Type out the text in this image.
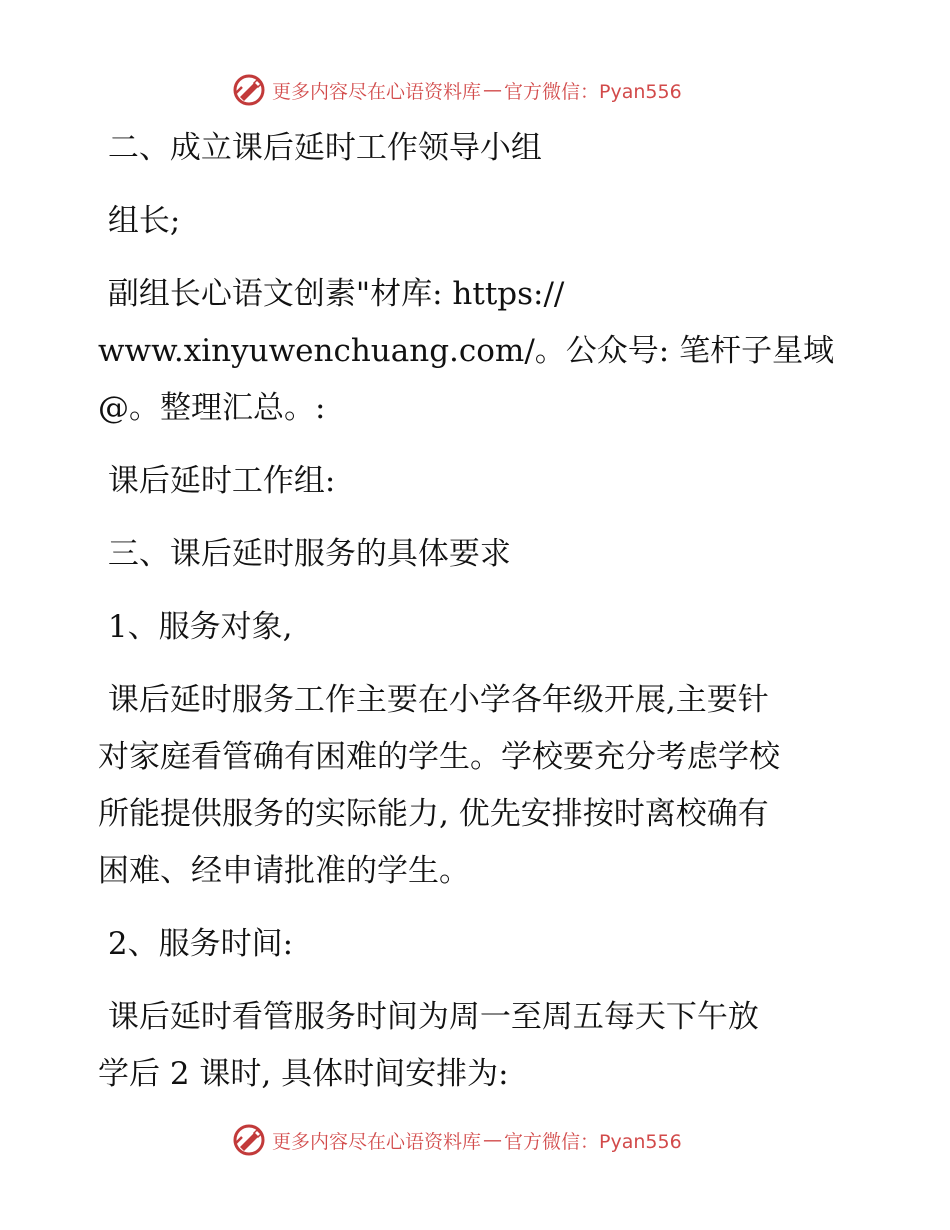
更多内容尽在心语资料库 — 官方微信：Pyan556

二、成立课后延时工作领导小组

组长;

副组长心语文创素"材库: https://
www.xinyuwenchuang.com/。公众号: 笔杆子星域
@。整理汇总。:

课后延时工作组:

三、课后延时服务的具体要求

1、服务对象,

课后延时服务工作主要在小学各年级开展,主要针
对家庭看管确有困难的学生。学校要充分考虑学校
所能提供服务的实际能力, 优先安排按时离校确有
困难、经申请批准的学生。

2、服务时间:

课后延时看管服务时间为周一至周五每天下午放
学后 2 课时, 具体时间安排为:

更多内容尽在心语资料库 — 官方微信：Pyan556
